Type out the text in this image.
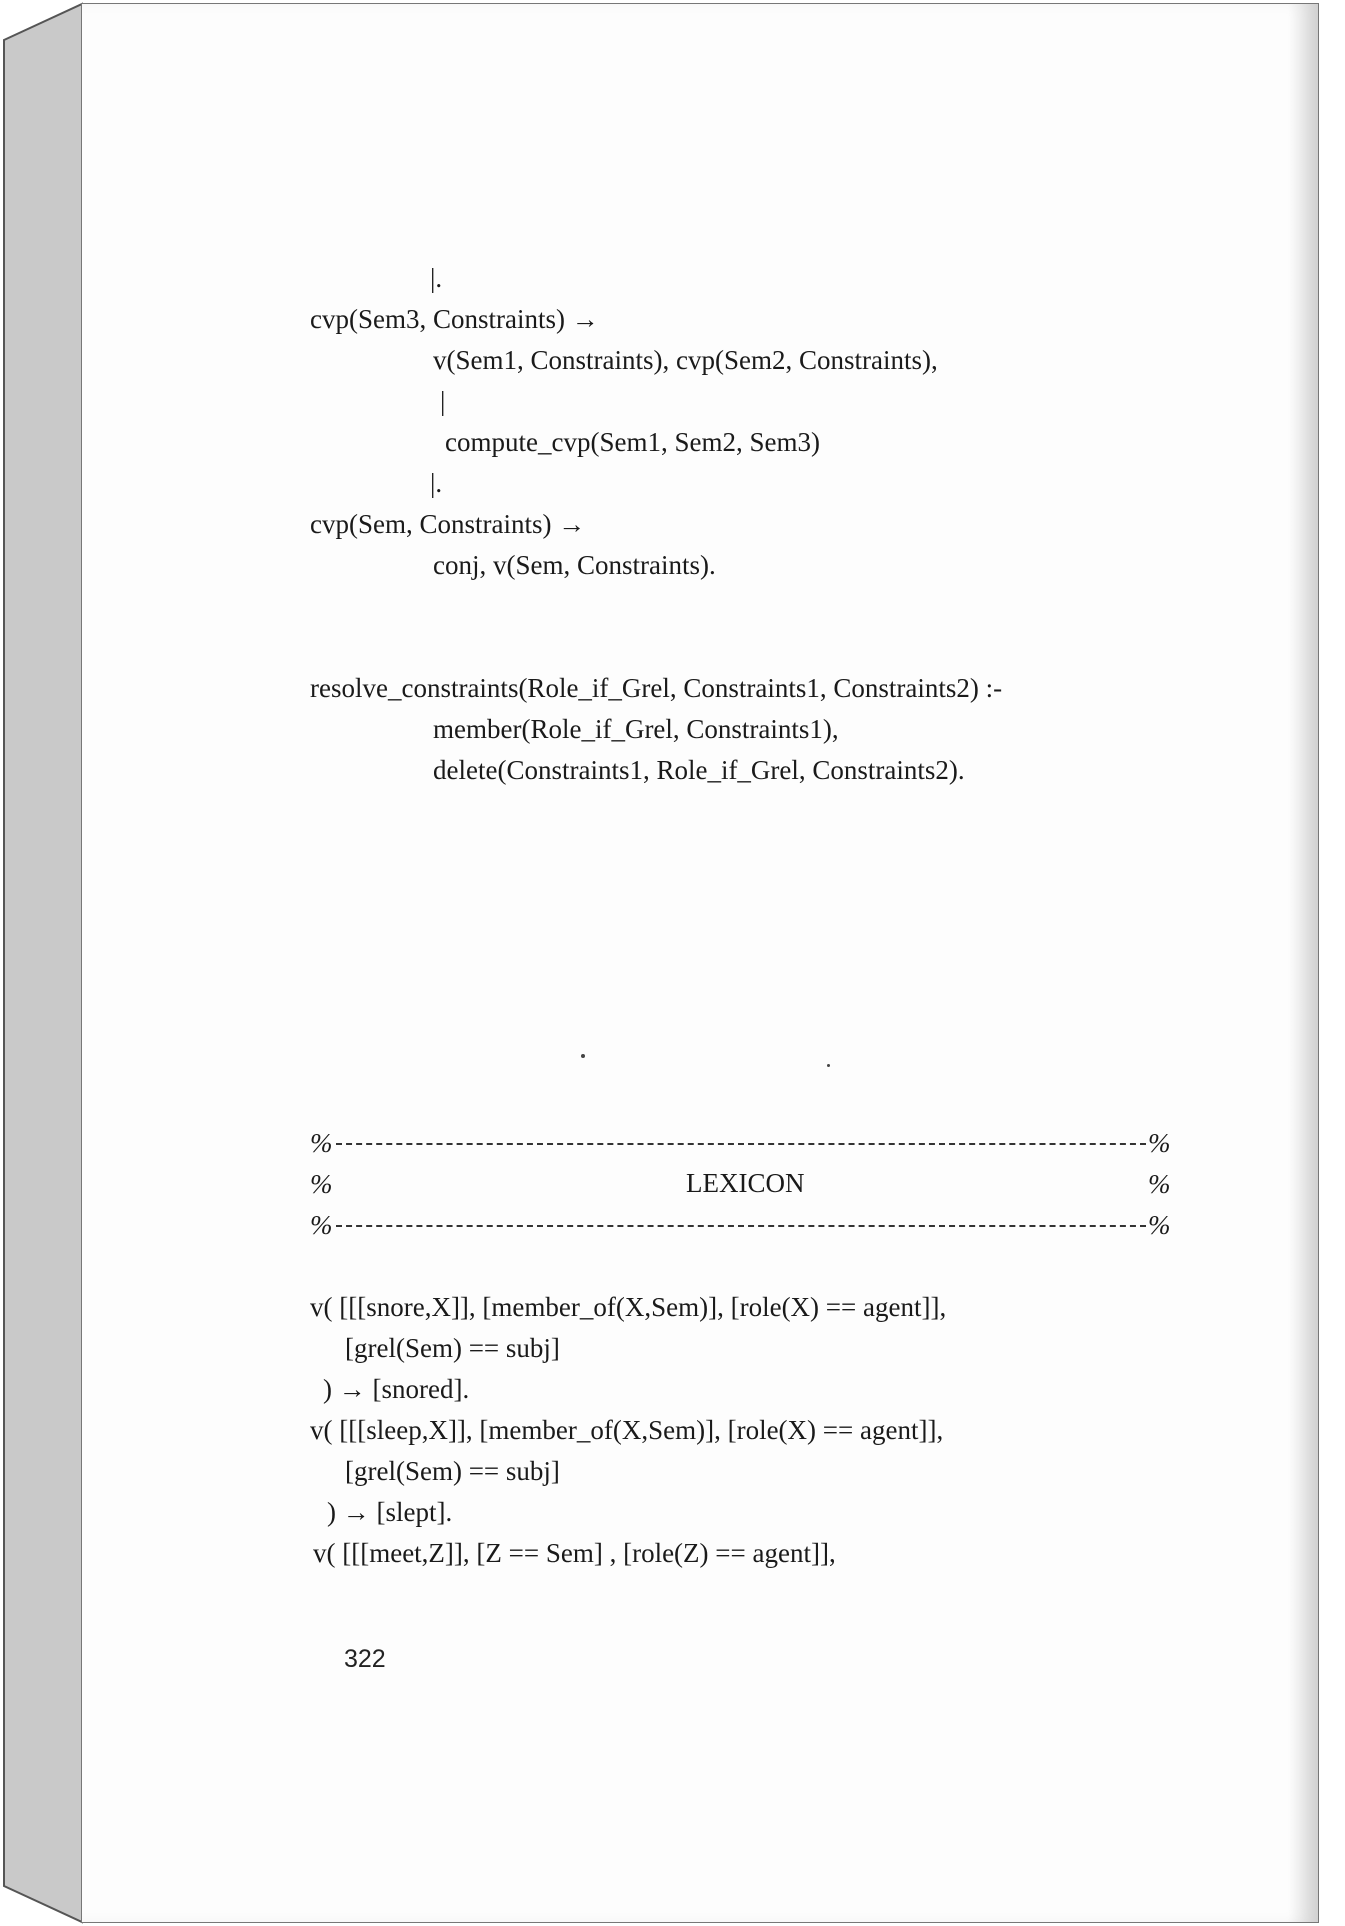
|.
cvp(Sem3, Constraints) →
v(Sem1, Constraints), cvp(Sem2, Constraints),
|
compute_cvp(Sem1, Sem2, Sem3)
|.
cvp(Sem, Constraints) →
conj, v(Sem, Constraints).
resolve_constraints(Role_if_Grel, Constraints1, Constraints2) :-
member(Role_if_Grel, Constraints1),
delete(Constraints1, Role_if_Grel, Constraints2).
%	%
%	LEXICON	%
%	%
v( [[[snore,X]], [member_of(X,Sem)], [role(X) == agent]],
[grel(Sem) == subj]
) → [snored].
v( [[[sleep,X]], [member_of(X,Sem)], [role(X) == agent]],
[grel(Sem) == subj]
) → [slept].
v( [[[meet,Z]], [Z == Sem] , [role(Z) == agent]],
322
